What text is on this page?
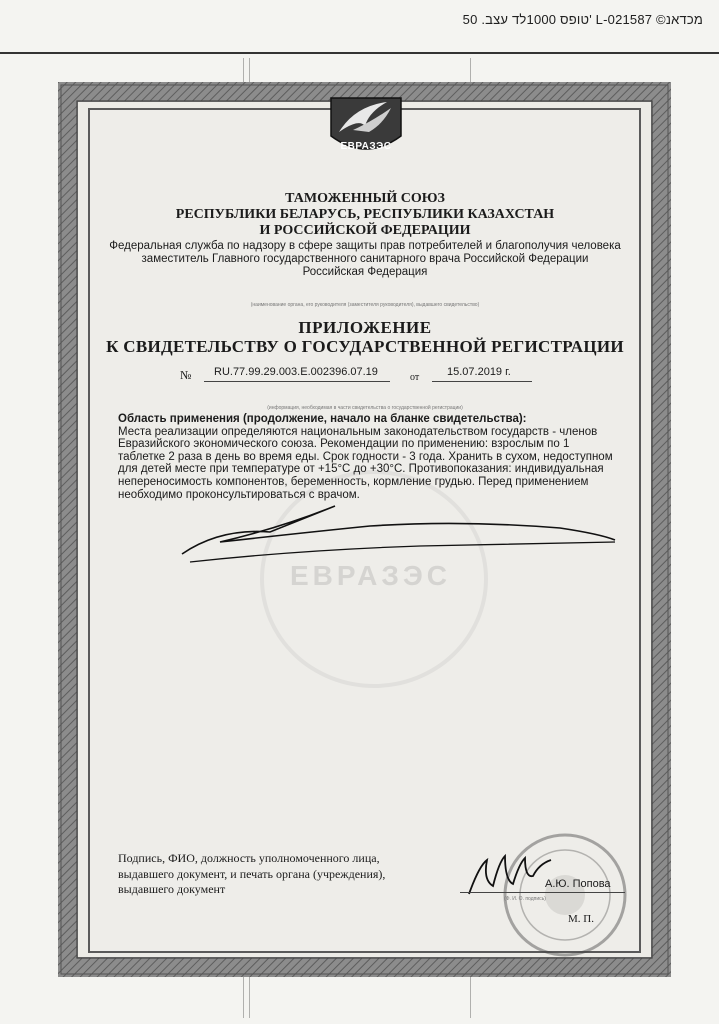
טופס 1000לד עצב. 50' L-021587 ©מכדאנ
ЕВРАЗЭС
ЕВРАЗЭС
ТАМОЖЕННЫЙ СОЮЗ
РЕСПУБЛИКИ БЕЛАРУСЬ, РЕСПУБЛИКИ КАЗАХСТАН
И РОССИЙСКОЙ ФЕДЕРАЦИИ
Федеральная служба по надзору в сфере защиты прав потребителей и благополучия человека
заместитель Главного государственного санитарного врача Российской Федерации
Российская Федерация
(наименование органа, его руководителя (заместителя руководителя), выдавшего свидетельство)
ПРИЛОЖЕНИЕ
К СВИДЕТЕЛЬСТВУ О ГОСУДАРСТВЕННОЙ РЕГИСТРАЦИИ
№ RU.77.99.29.003.E.002396.07.19	от	15.07.2019 г.
(информация, необходимая в части свидетельства о государственной регистрации)
Область применения (продолжение, начало на бланке свидетельства):
Места реализации определяются национальным законодательством государств - членов Евразийского экономического союза. Рекомендации по применению: взрослым по 1 таблетке 2 раза в день во время еды. Срок годности - 3 года. Хранить в сухом, недоступном для детей месте при температуре от +15°С до +30°С. Противопоказания: индивидуальная непереносимость компонентов, беременность, кормление грудью. Перед применением необходимо проконсультироваться с врачом.
Подпись, ФИО, должность уполномоченного лица, выдавшего документ, и печать органа (учреждения), выдавшего документ	А.Ю. Попова
(Ф. И. О. подпись)
М. П.
